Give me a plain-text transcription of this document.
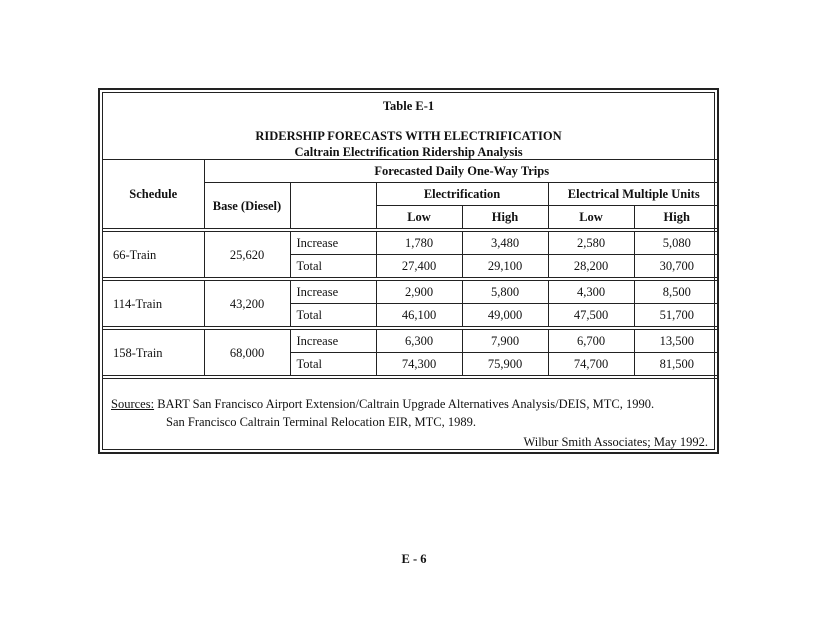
Table E-1
RIDERSHIP FORECASTS WITH ELECTRIFICATION
Caltrain Electrification Ridership Analysis
Schedule	Forecasted Daily One-Way Trips					
	Base (Diesel)		Electrification		Electrical Multiple Units	
			Low	High	Low	High

66-Train	25,620	Increase	1,780	3,480	2,580	5,080
		Total	27,400	29,100	28,200	30,700

114-Train	43,200	Increase	2,900	5,800	4,300	8,500
		Total	46,100	49,000	47,500	51,700

158-Train	68,000	Increase	6,300	7,900	6,700	13,500
		Total	74,300	75,900	74,700	81,500

Sources: BART San Francisco Airport Extension/Caltrain Upgrade Alternatives Analysis/DEIS, MTC, 1990.
San Francisco Caltrain Terminal Relocation EIR, MTC, 1989.
Wilbur Smith Associates; May 1992.
E - 6
